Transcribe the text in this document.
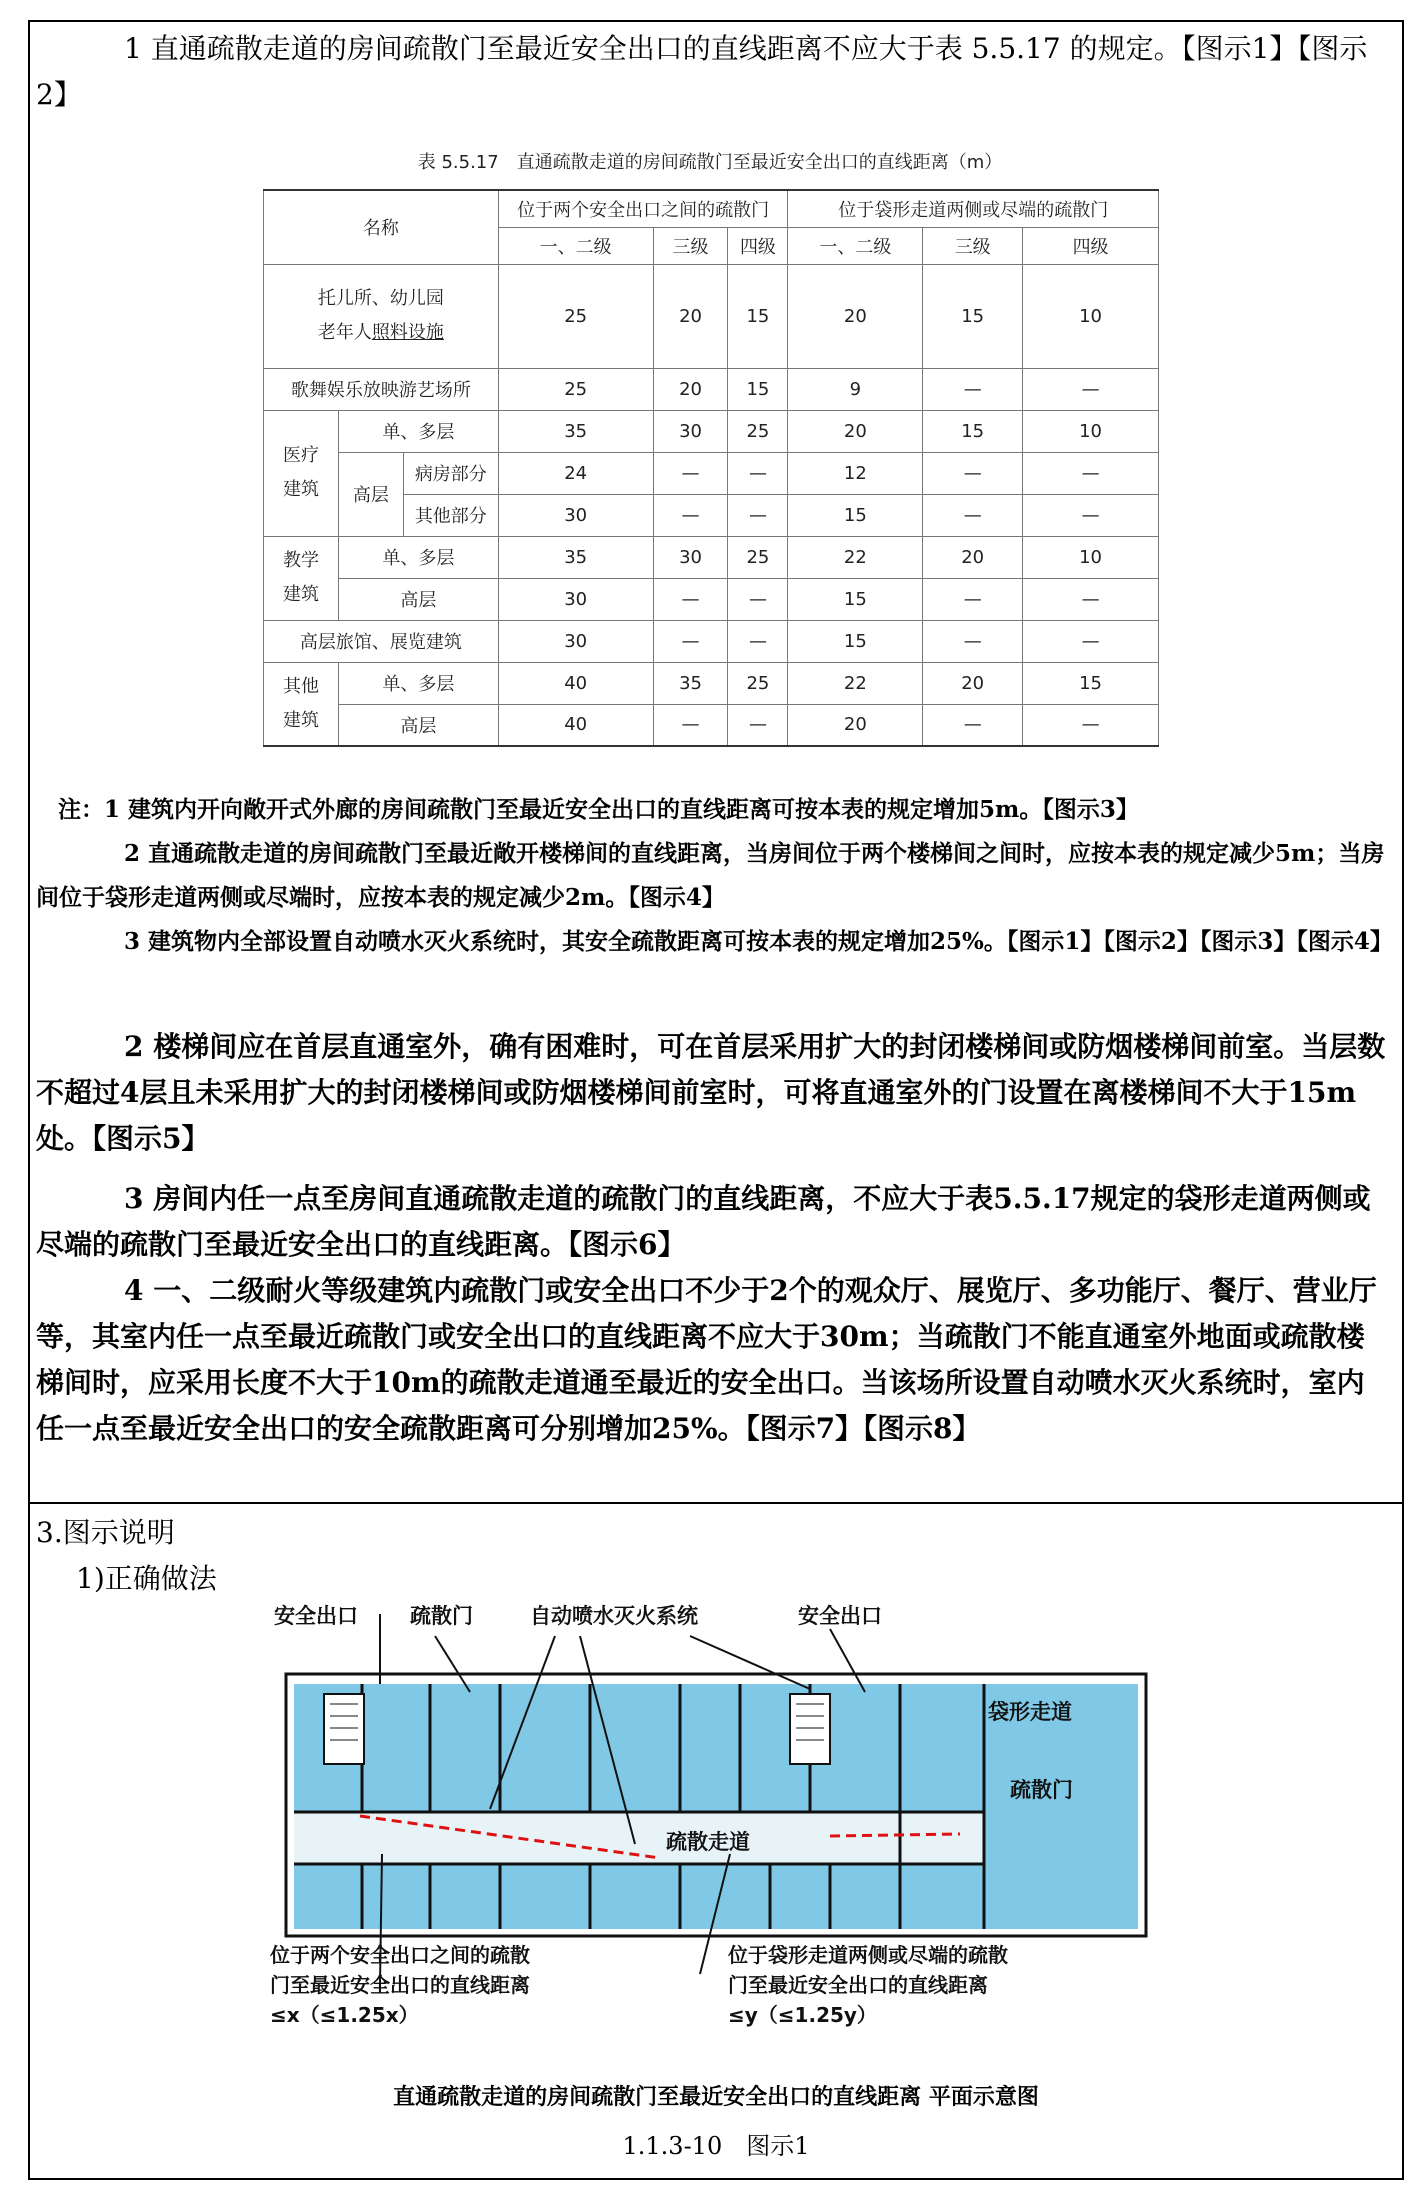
1 直通疏散走道的房间疏散门至最近安全出口的直线距离不应大于表 5.5.17 的规定。【图示1】【图示2】
表 5.5.17　直通疏散走道的房间疏散门至最近安全出口的直线距离（m）
名称			位于两个安全出口之间的疏散门			位于袋形走道两侧或尽端的疏散门		
			一、二级	三级	四级	一、二级	三级	四级
托儿所、幼儿园
老年人照料设施			25	20	15	20	15	10
歌舞娱乐放映游艺场所			25	20	15	9	—	—
医疗建筑	单、多层		35	30	25	20	15	10
	高层	病房部分	24	—	—	12	—	—
		其他部分	30	—	—	15	—	—
教学建筑	单、多层		35	30	25	22	20	10
	高层		30	—	—	15	—	—
高层旅馆、展览建筑			30	—	—	15	—	—
其他建筑	单、多层		40	35	25	22	20	15
	高层		40	—	—	20	—	—
注：1 建筑内开向敞开式外廊的房间疏散门至最近安全出口的直线距离可按本表的规定增加5m。【图示3】
2 直通疏散走道的房间疏散门至最近敞开楼梯间的直线距离，当房间位于两个楼梯间之间时，应按本表的规定减少5m；当房间位于袋形走道两侧或尽端时，应按本表的规定减少2m。【图示4】
3 建筑物内全部设置自动喷水灭火系统时，其安全疏散距离可按本表的规定增加25%。【图示1】【图示2】【图示3】【图示4】
2 楼梯间应在首层直通室外，确有困难时，可在首层采用扩大的封闭楼梯间或防烟楼梯间前室。当层数不超过4层且未采用扩大的封闭楼梯间或防烟楼梯间前室时，可将直通室外的门设置在离楼梯间不大于15m处。【图示5】
3 房间内任一点至房间直通疏散走道的疏散门的直线距离，不应大于表5.5.17规定的袋形走道两侧或尽端的疏散门至最近安全出口的直线距离。【图示6】
4 一、二级耐火等级建筑内疏散门或安全出口不少于2个的观众厅、展览厅、多功能厅、餐厅、营业厅等，其室内任一点至最近疏散门或安全出口的直线距离不应大于30m；当疏散门不能直通室外地面或疏散楼梯间时，应采用长度不大于10m的疏散走道通至最近的安全出口。当该场所设置自动喷水灭火系统时，室内任一点至最近安全出口的安全疏散距离可分别增加25%。【图示7】【图示8】
3.图示说明
1)正确做法
安全出口 疏散门	自动喷水灭火系统	安全出口
袋形走道
疏散门
疏散走道
位于两个安全出口之间的疏散
门至最近安全出口的直线距离
≤x（≤1.25x）
位于袋形走道两侧或尽端的疏散
门至最近安全出口的直线距离
≤y（≤1.25y）
直通疏散走道的房间疏散门至最近安全出口的直线距离 平面示意图
1.1.3-10　图示1
